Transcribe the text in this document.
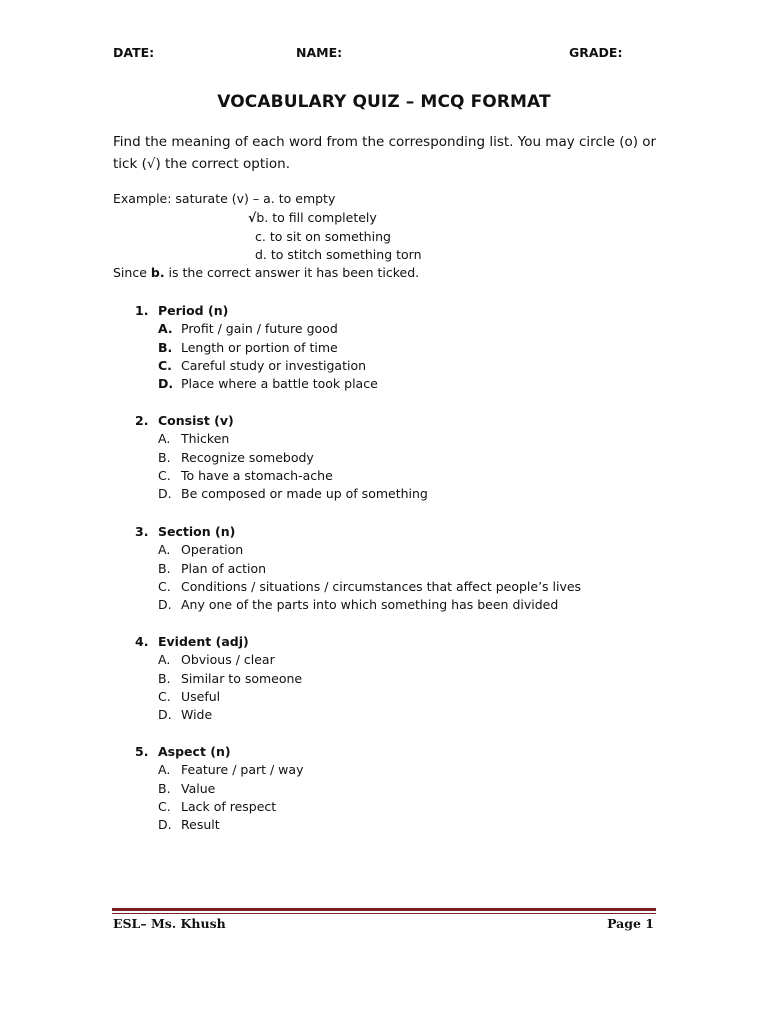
DATE:	NAME:	GRADE:
VOCABULARY QUIZ – MCQ FORMAT
Find the meaning of each word from the corresponding list. You may circle (o) or tick (√) the correct option.
Example: saturate (v) – a. to empty
√b. to fill completely
c. to sit on something
d. to stitch something torn
Since b. is the correct answer it has been ticked.
1. Period (n)
A. Profit / gain / future good
B. Length or portion of time
C. Careful study or investigation
D. Place where a battle took place
2. Consist (v)
A. Thicken
B. Recognize somebody
C. To have a stomach-ache
D. Be composed or made up of something
3. Section (n)
A. Operation
B. Plan of action
C. Conditions / situations / circumstances that affect people’s lives
D. Any one of the parts into which something has been divided
4. Evident (adj)
A. Obvious / clear
B. Similar to someone
C. Useful
D. Wide
5. Aspect (n)
A. Feature / part / way
B. Value
C. Lack of respect
D. Result
ESL– Ms. Khush	Page 1
